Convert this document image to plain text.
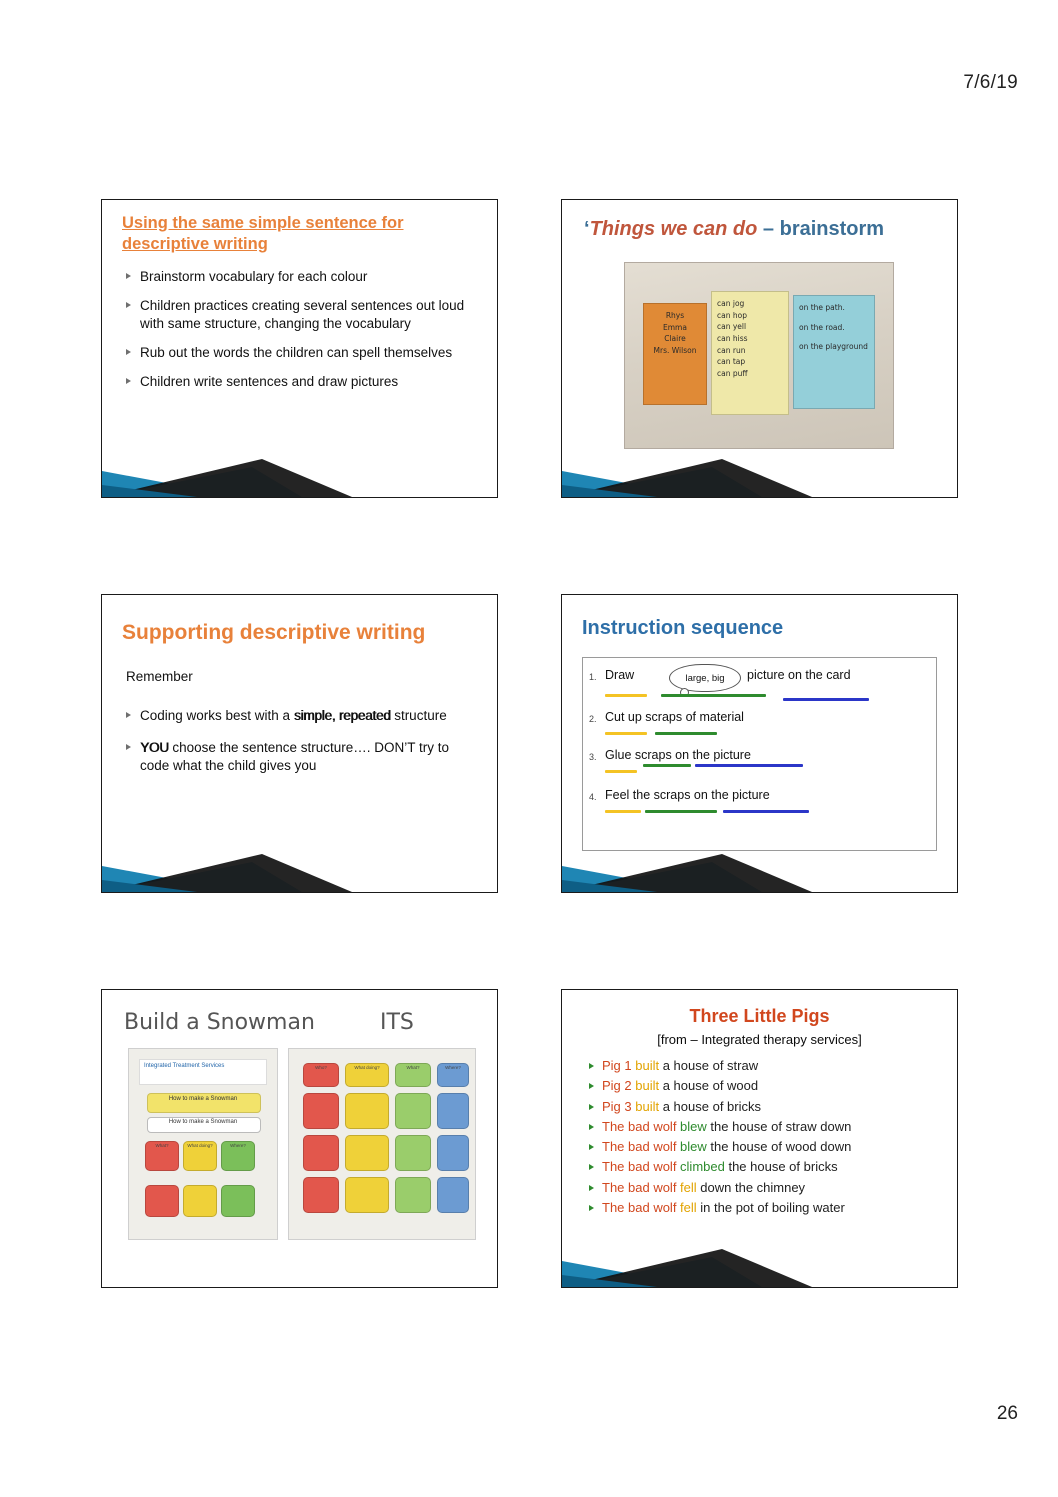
7/6/19
26
Using the same simple sentence for descriptive writing
Brainstorm vocabulary for each colour
Children practices creating several sentences out loud with same structure, changing the vocabulary
Rub out the words the children can spell themselves
Children write sentences and draw pictures
‘Things we can do – brainstorm
Rhys
Emma
Claire
Mrs. Wilson
can jog
can hop
can yell
can hiss
can run
can tap
can puff
on the path.
on the road.
on the playground
Supporting descriptive writing
Remember
Coding works best with a simple, repeated structure
YOU choose the sentence structure…. DON’T try to code what the child gives you
Instruction sequence
1. Draw	large, big	picture on the card
2. Cut up scraps of material
3. Glue scraps on the picture
4. Feel the scraps on the picture
Build a Snowman	ITS
Integrated Treatment Services
How to make a Snowman
How to make a Snowman
What?	What doing?	Where?
Who?	What doing?	What?	Where?
Three Little Pigs
[from – Integrated therapy services]
Pig 1 built a house of straw
Pig 2 built a house of wood
Pig 3 built a house of bricks
The bad wolf blew the house of straw down
The bad wolf blew the house of wood down
The bad wolf climbed the house of bricks
The bad wolf fell down the chimney
The bad wolf fell in the pot of boiling water
